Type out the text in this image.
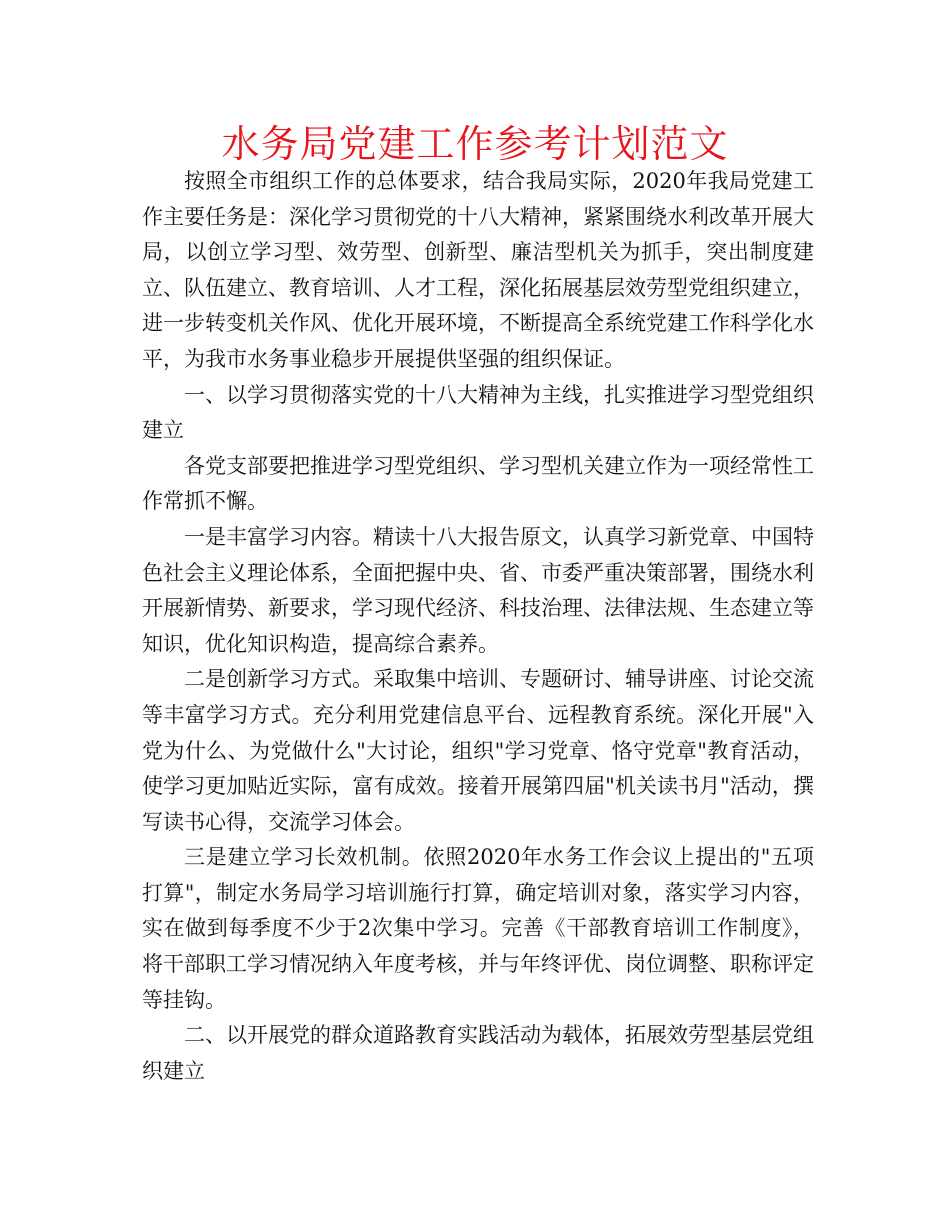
水务局党建工作参考计划范文

按照全市组织工作的总体要求，结合我局实际，2020年我局党建工作主要任务是：深化学习贯彻党的十八大精神，紧紧围绕水利改革开展大局，以创立学习型、效劳型、创新型、廉洁型机关为抓手，突出制度建立、队伍建立、教育培训、人才工程，深化拓展基层效劳型党组织建立，进一步转变机关作风、优化开展环境，不断提高全系统党建工作科学化水平，为我市水务事业稳步开展提供坚强的组织保证。

一、以学习贯彻落实党的十八大精神为主线，扎实推进学习型党组织建立

各党支部要把推进学习型党组织、学习型机关建立作为一项经常性工作常抓不懈。

一是丰富学习内容。精读十八大报告原文，认真学习新党章、中国特色社会主义理论体系，全面把握中央、省、市委严重决策部署，围绕水利开展新情势、新要求，学习现代经济、科技治理、法律法规、生态建立等知识，优化知识构造，提高综合素养。

二是创新学习方式。采取集中培训、专题研讨、辅导讲座、讨论交流等丰富学习方式。充分利用党建信息平台、远程教育系统。深化开展"入党为什么、为党做什么"大讨论，组织"学习党章、恪守党章"教育活动，使学习更加贴近实际，富有成效。接着开展第四届"机关读书月"活动，撰写读书心得，交流学习体会。

三是建立学习长效机制。依照2020年水务工作会议上提出的"五项打算"，制定水务局学习培训施行打算，确定培训对象，落实学习内容，实在做到每季度不少于2次集中学习。完善《干部教育培训工作制度》，将干部职工学习情况纳入年度考核，并与年终评优、岗位调整、职称评定等挂钩。

二、以开展党的群众道路教育实践活动为载体，拓展效劳型基层党组织建立
